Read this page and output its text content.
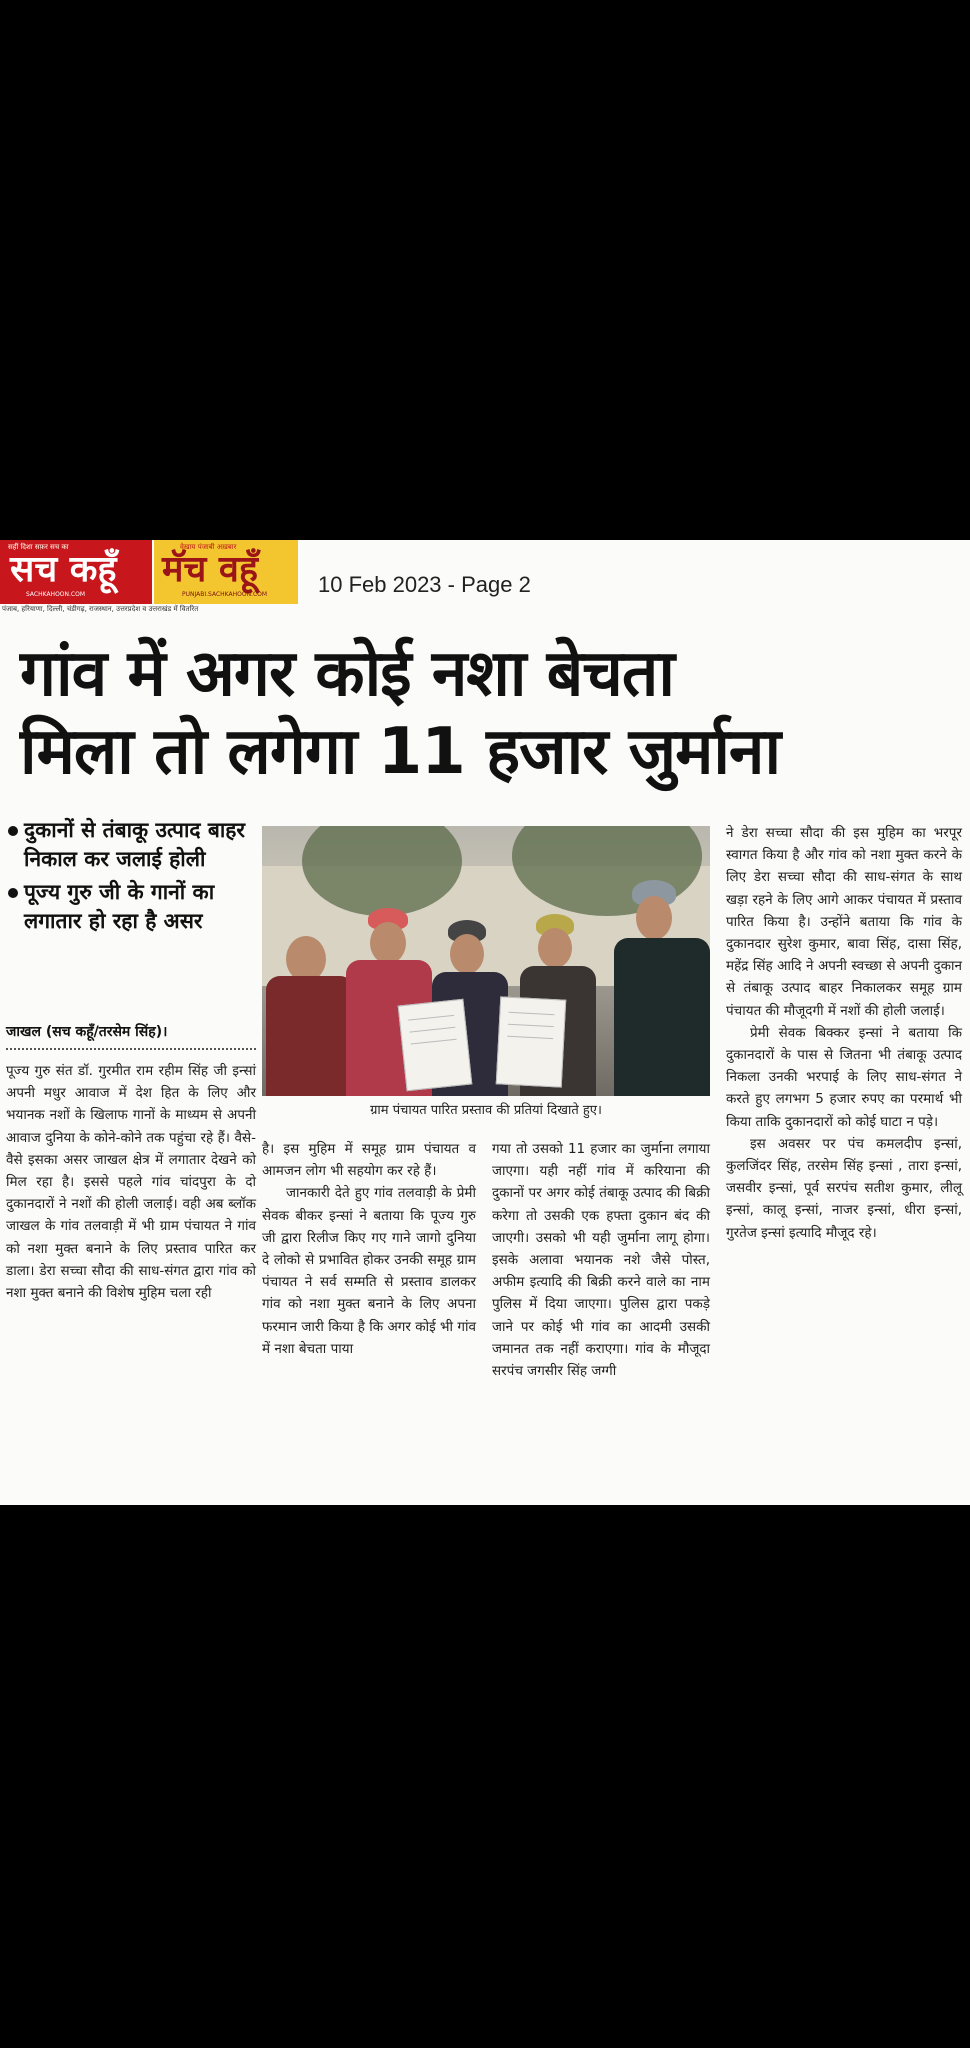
सहीं दिशा सफ़र सच का
सच कहूँ
SACHKAHOON.COM
वेख़ाय पंजाबी अख़बार
मॅच वहूँ
PUNJABI.SACHKAHOON.COM
पंजाब, हरियाणा, दिल्ली, चंडीगढ़, राजस्थान, उत्तरप्रदेश व उत्तराखंड में वितरित
10 Feb 2023 - Page 2
गांव में अगर कोई नशा बेचता
मिला तो लगेगा 11 हजार जुर्माना
दुकानों से तंबाकू उत्पाद बाहर निकाल कर जलाई होली
पूज्य गुरु जी के गानों का लगातार हो रहा है असर
जाखल (सच कहूँ/तरसेम सिंह)।

पूज्य गुरु संत डॉ. गुरमीत राम रहीम सिंह जी इन्सां अपनी मधुर आवाज में देश हित के लिए और भयानक नशों के खिलाफ गानों के माध्यम से अपनी आवाज दुनिया के कोने-कोने तक पहुंचा रहे हैं। वैसे-वैसे इसका असर जाखल क्षेत्र में लगातार देखने को मिल रहा है। इससे पहले गांव चांदपुरा के दो दुकानदारों ने नशों की होली जलाई। वही अब ब्लॉक जाखल के गांव तलवाड़ी में भी ग्राम पंचायत ने गांव को नशा मुक्त बनाने के लिए प्रस्ताव पारित कर डाला। डेरा सच्चा सौदा की साध-संगत द्वारा गांव को नशा मुक्त बनाने की विशेष मुहिम चला रही

ग्राम पंचायत पारित प्रस्ताव की प्रतियां दिखाते हुए।

है। इस मुहिम में समूह ग्राम पंचायत व आमजन लोग भी सहयोग कर रहे हैं।

जानकारी देते हुए गांव तलवाड़ी के प्रेमी सेवक बीकर इन्सां ने बताया कि पूज्य गुरु जी द्वारा रिलीज किए गए गाने जागो दुनिया दे लोको से प्रभावित होकर उनकी समूह ग्राम पंचायत ने सर्व सम्मति से प्रस्ताव डालकर गांव को नशा मुक्त बनाने के लिए अपना फरमान जारी किया है कि अगर कोई भी गांव में नशा बेचता पाया

गया तो उसको 11 हजार का जुर्माना लगाया जाएगा। यही नहीं गांव में करियाना की दुकानों पर अगर कोई तंबाकू उत्पाद की बिक्री करेगा तो उसकी एक हफ्ता दुकान बंद की जाएगी। उसको भी यही जुर्माना लागू होगा। इसके अलावा भयानक नशे जैसे पोस्त, अफीम इत्यादि की बिक्री करने वाले का नाम पुलिस में दिया जाएगा। पुलिस द्वारा पकड़े जाने पर कोई भी गांव का आदमी उसकी जमानत तक नहीं कराएगा। गांव के मौजूदा सरपंच जगसीर सिंह जग्गी

ने डेरा सच्चा सौदा की इस मुहिम का भरपूर स्वागत किया है और गांव को नशा मुक्त करने के लिए डेरा सच्चा सौदा की साध-संगत के साथ खड़ा रहने के लिए आगे आकर पंचायत में प्रस्ताव पारित किया है। उन्होंने बताया कि गांव के दुकानदार सुरेश कुमार, बावा सिंह, दासा सिंह, महेंद्र सिंह आदि ने अपनी स्वच्छा से अपनी दुकान से तंबाकू उत्पाद बाहर निकालकर समूह ग्राम पंचायत की मौजूदगी में नशों की होली जलाई।

प्रेमी सेवक बिक्कर इन्सां ने बताया कि दुकानदारों के पास से जितना भी तंबाकू उत्पाद निकला उनकी भरपाई के लिए साध-संगत ने करते हुए लगभग 5 हजार रुपए का परमार्थ भी किया ताकि दुकानदारों को कोई घाटा न पड़े।

इस अवसर पर पंच कमलदीप इन्सां, कुलजिंदर सिंह, तरसेम सिंह इन्सां , तारा इन्सां, जसवीर इन्सां, पूर्व सरपंच सतीश कुमार, लीलू इन्सां, कालू इन्सां, नाजर इन्सां, धीरा इन्सां, गुरतेज इन्सां इत्यादि मौजूद रहे।
